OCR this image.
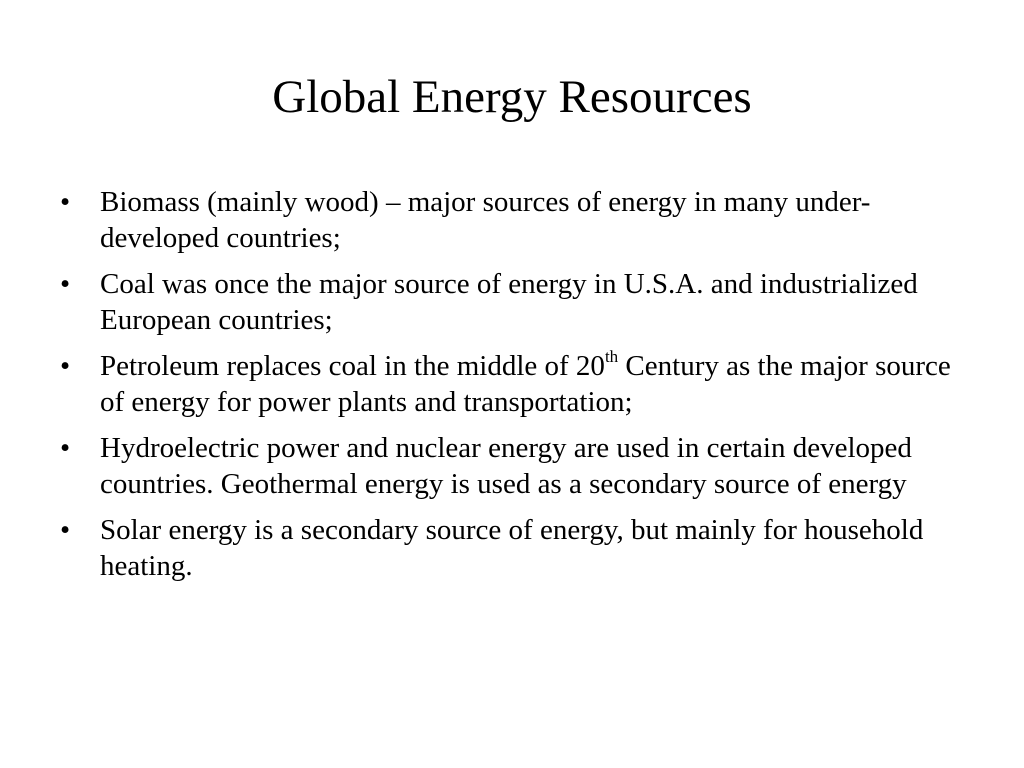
Global Energy Resources
•	Biomass (mainly wood) – major sources of energy in many under-developed countries;
•	Coal was once the major source of energy in U.S.A. and industrialized European countries;
•	Petroleum replaces coal in the middle of 20th Century as the major source of energy for power plants and transportation;
•	Hydroelectric power and nuclear energy are used in certain developed countries. Geothermal energy is used as a secondary source of energy
•	Solar energy is a secondary source of energy, but mainly for household heating.
